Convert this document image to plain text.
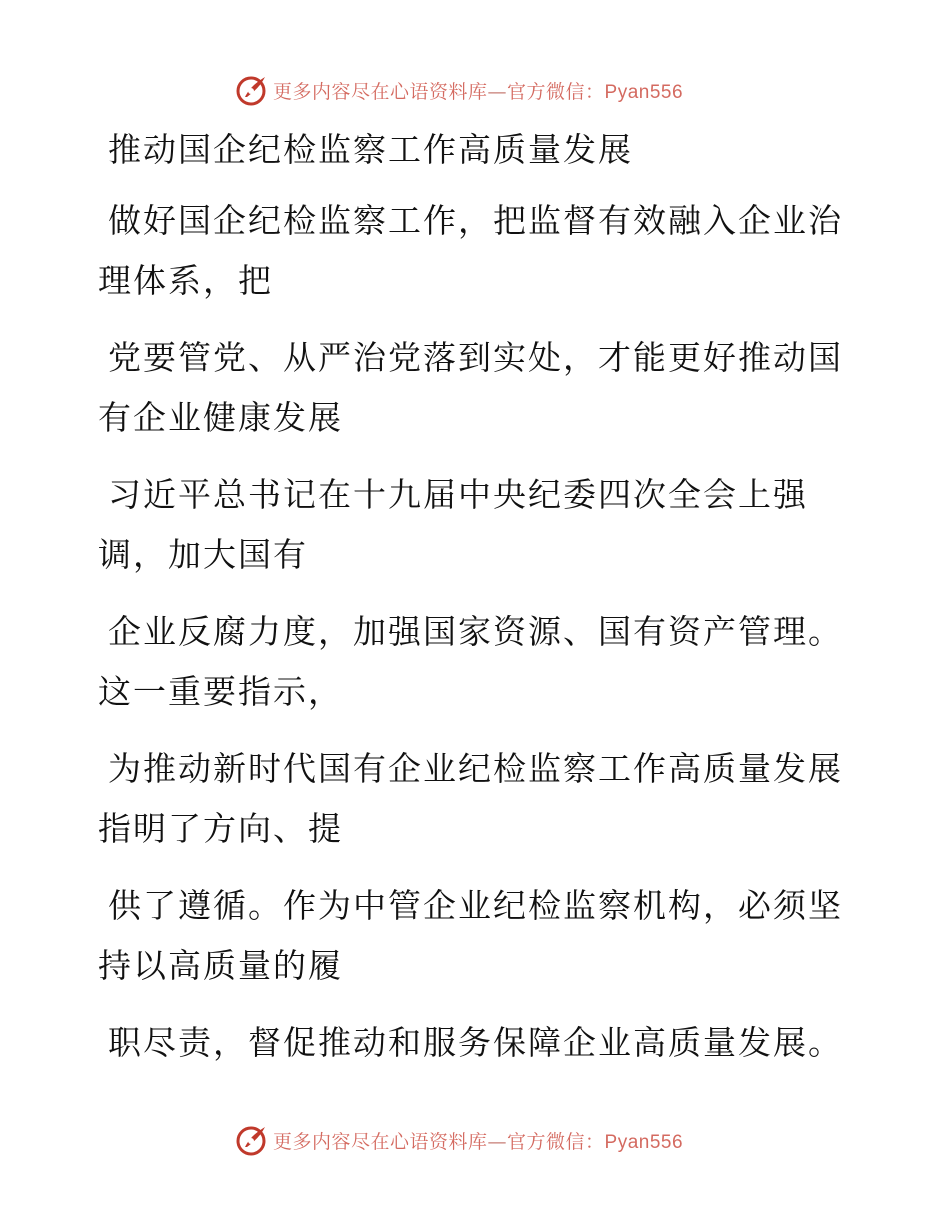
更多内容尽在心语资料库—官方微信：Pyan556
推动国企纪检监察工作高质量发展
做好国企纪检监察工作，把监督有效融入企业治
理体系，把
党要管党、从严治党落到实处，才能更好推动国
有企业健康发展
习近平总书记在十九届中央纪委四次全会上强
调，加大国有
企业反腐力度，加强国家资源、国有资产管理。
这一重要指示，
为推动新时代国有企业纪检监察工作高质量发展
指明了方向、提
供了遵循。作为中管企业纪检监察机构，必须坚
持以高质量的履
职尽责，督促推动和服务保障企业高质量发展。
更多内容尽在心语资料库—官方微信：Pyan556
